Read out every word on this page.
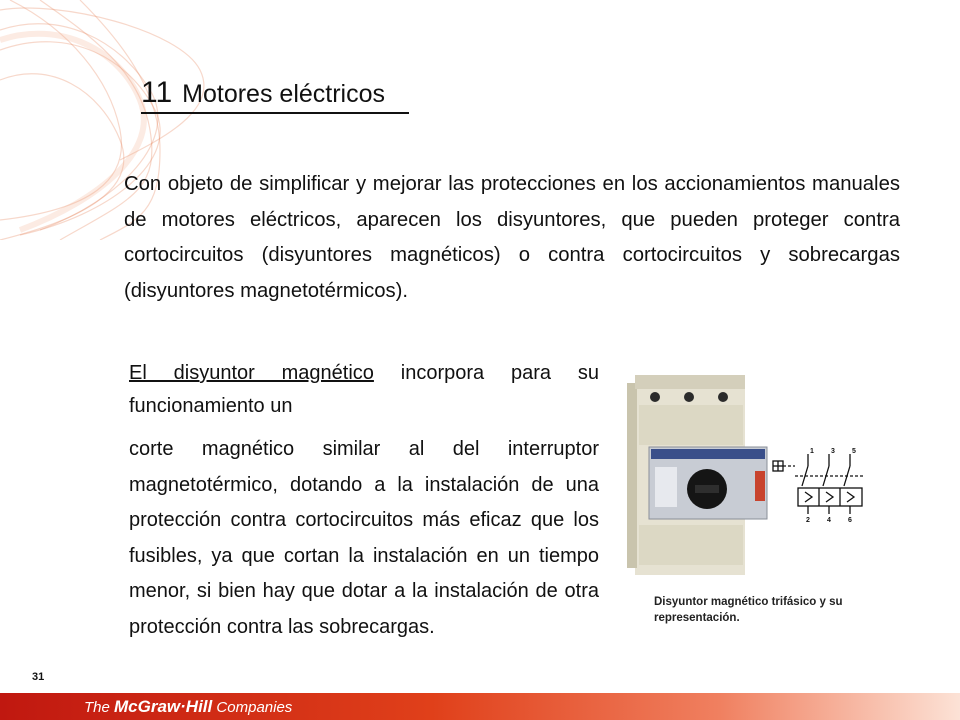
11 Motores eléctricos

Con objeto de simplificar y mejorar las protecciones en los accionamientos manuales de motores eléctricos, aparecen los disyuntores, que pueden proteger contra cortocircuitos (disyuntores magnéticos) o contra cortocircuitos y sobrecargas (disyuntores magnetotérmicos).

El disyuntor magnético incorpora para su funcionamiento un

corte magnético similar al del interruptor magnetotérmico, dotando a la instalación de una protección contra cortocircuitos más eficaz que los fusibles, ya que cortan la instalación en un tiempo menor, si bien hay que dotar a la instalación de otra protección contra las sobrecargas.

1 3 5
2 4 6

Disyuntor magnético trifásico y su representación.

31
The McGraw·Hill Companies
